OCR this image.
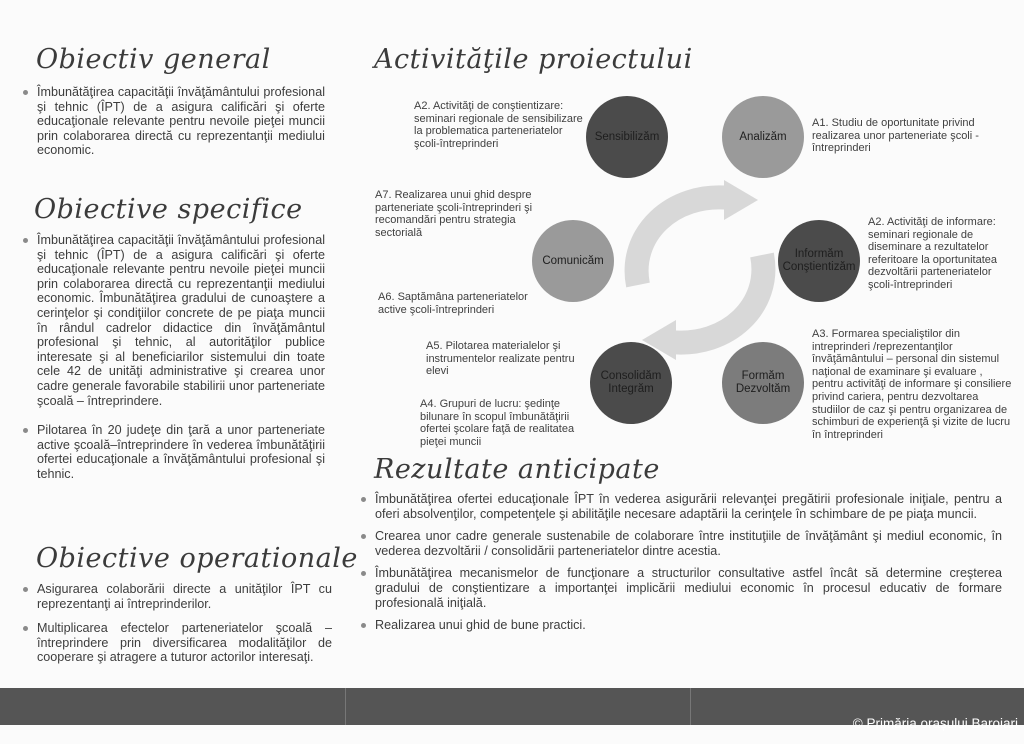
Obiectiv general
Îmbunătăţirea capacităţii învăţământului profesional şi tehnic (ÎPT) de a asigura calificări şi oferte educaţionale relevante pentru nevoile pieţei muncii prin colaborarea directă cu reprezentanţii mediului economic.
Obiective specifice
Îmbunătăţirea capacităţii învăţământului profesional şi tehnic (ÎPT) de a asigura calificări şi oferte educaţionale relevante pentru nevoile pieţei muncii prin colaborarea directă cu reprezentanţii mediului economic. Îmbunătăţirea gradului de cunoaştere a cerinţelor şi condiţiilor concrete de pe piaţa muncii în rândul cadrelor didactice din învăţământul profesional şi tehnic, al autorităţilor publice interesate şi al beneficiarilor sistemului din toate cele 42 de unităţi administrative şi crearea unor cadre generale favorabile stabilirii unor parteneriate şcoală – întreprindere.
Pilotarea în 20 judeţe din ţară a unor parteneriate active şcoală–întreprindere în vederea îmbunătăţirii ofertei educaţionale a învăţământului profesional şi tehnic.
Obiective operationale
Asigurarea colaborării directe a unităţilor ÎPT cu reprezentanţi ai întreprinderilor.
Multiplicarea efectelor parteneriatelor şcoală – întreprindere prin diversificarea modalităţilor de cooperare şi atragere a tuturor actorilor interesaţi.
Activităţile proiectului
Sensibilizăm	Analizăm
Informăm Conştientizăm
Formăm Dezvoltăm
Consolidăm Integrăm
Comunicăm
A2. Activităţi de conştientizare: seminari regionale de sensibilizare la problematica parteneriatelor şcoli-întreprinderi
A1. Studiu de oportunitate privind realizarea unor parteneriate şcoli - întreprinderi
A7. Realizarea unui ghid despre parteneriate şcoli-întreprinderi şi recomandări pentru strategia sectorială
A2. Activităţi de informare: seminari regionale de diseminare a rezultatelor referitoare la oportunitatea dezvoltării parteneriatelor şcoli-întreprinderi
A6. Saptămâna parteneriatelor active şcoli-întreprinderi
A5. Pilotarea materialelor şi instrumentelor realizate pentru elevi
A3. Formarea specialiştilor din intreprinderi /reprezentanţilor învăţământului – personal din sistemul naţional de examinare şi evaluare , pentru activităţi de informare şi consiliere privind cariera, pentru dezvoltarea studiilor de caz şi pentru organizarea de schimburi de experienţă şi vizite de lucru în întreprinderi
A4. Grupuri de lucru: şedinţe bilunare în scopul îmbunătăţirii ofertei şcolare faţă de realitatea pieţei muncii
Rezultate anticipate
Îmbunătăţirea ofertei educaţionale ÎPT în vederea asigurării relevanţei pregătirii profesionale iniţiale, pentru a oferi absolvenţilor, competenţele şi abilităţile necesare adaptării la cerinţele în schimbare de pe piaţa muncii.
Crearea unor cadre generale sustenabile de colaborare între instituţiile de învăţământ şi mediul economic, în vederea dezvoltării / consolidării parteneriatelor dintre acestia.
Îmbunătăţirea mecanismelor de funcţionare a structurilor consultative astfel încât să determine creşterea gradului de conştientizare a importanţei implicării mediului economic în procesul educativ de formare profesională iniţială.
Realizarea unui ghid de bune practici.
© Primăria orașului Baroiari
